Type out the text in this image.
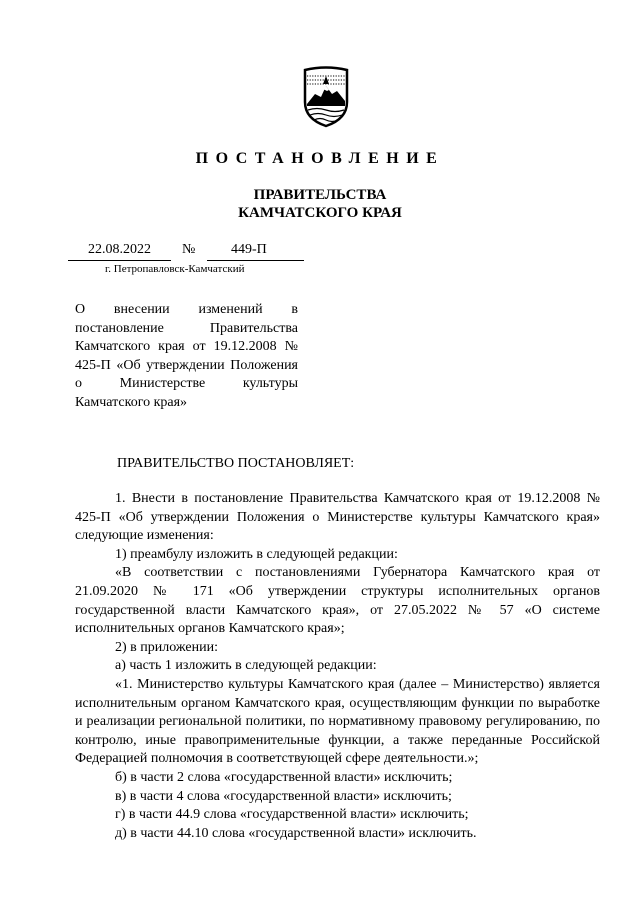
ПОСТАНОВЛЕНИЕ
ПРАВИТЕЛЬСТВА
КАМЧАТСКОГО КРАЯ
22.08.2022 №	449-П
г. Петропавловск-Камчатский
О внесении изменений в постановление Правительства Камчатского края от 19.12.2008 № 425-П «Об утверждении Положения о Министерстве культуры Камчатского края»
ПРАВИТЕЛЬСТВО ПОСТАНОВЛЯЕТ:

1. Внести в постановление Правительства Камчатского края от 19.12.2008 № 425-П «Об утверждении Положения о Министерстве культуры Камчатского края» следующие изменения:

1) преамбулу изложить в следующей редакции:

«В соответствии с постановлениями Губернатора Камчатского края от 21.09.2020 № 171 «Об утверждении структуры исполнительных органов государственной власти Камчатского края», от 27.05.2022 № 57 «О системе исполнительных органов Камчатского края»;

2) в приложении:

а) часть 1 изложить в следующей редакции:

«1. Министерство культуры Камчатского края (далее – Министерство) является исполнительным органом Камчатского края, осуществляющим функции по выработке и реализации региональной политики, по нормативному правовому регулированию, по контролю, иные правоприменительные функции, а также переданные Российской Федерацией полномочия в соответствующей сфере деятельности.»;

б) в части 2 слова «государственной власти» исключить;

в) в части 4 слова «государственной власти» исключить;

г) в части 44.9 слова «государственной власти» исключить;

д) в части 44.10 слова «государственной власти» исключить.
